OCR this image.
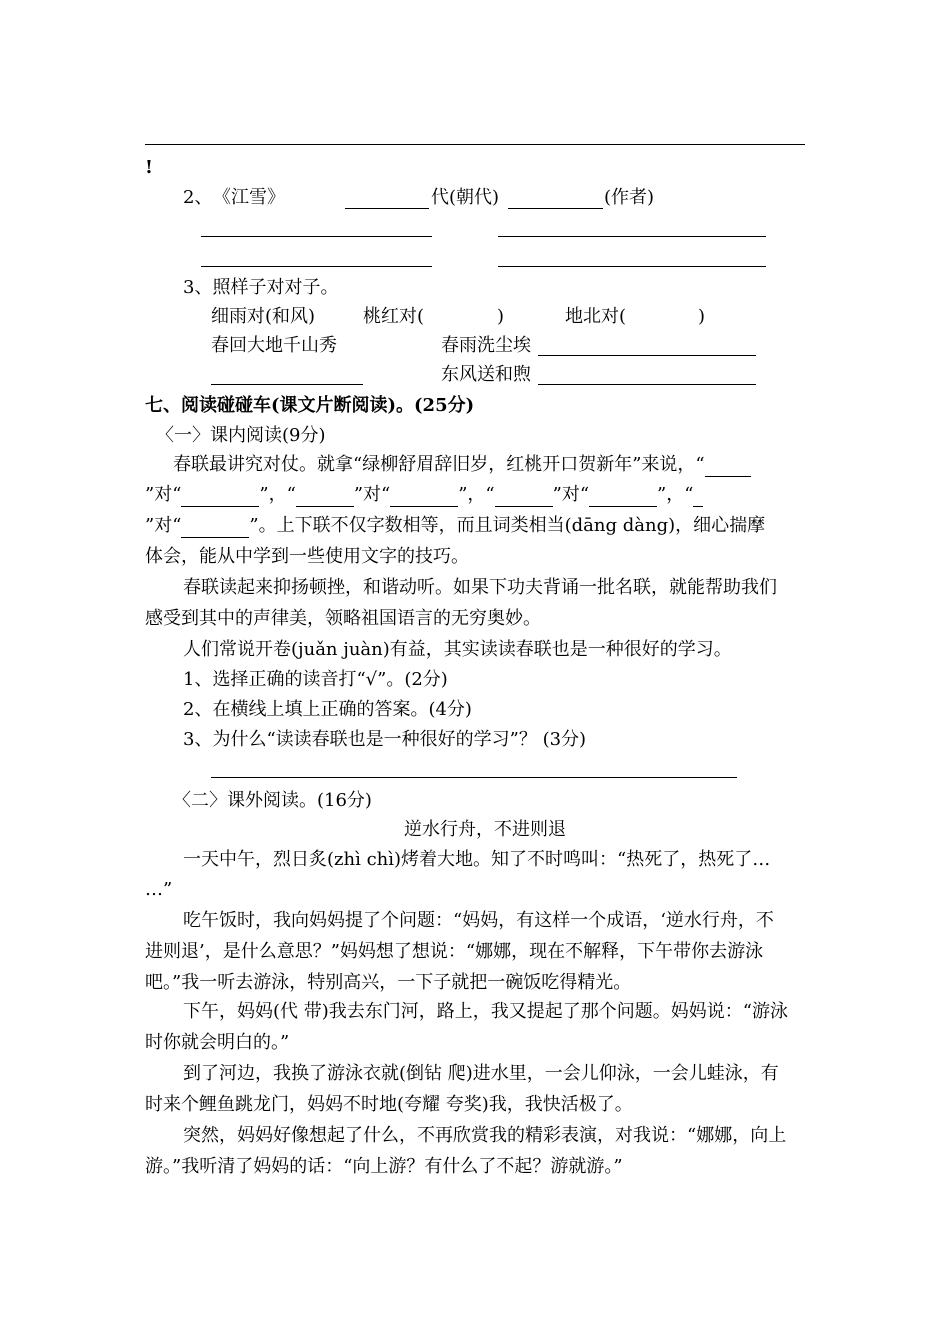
!
2、 《江雪》	代(朝代)	(作者)
3、照样子对对子。
细雨对(和风)	桃红对(	)	地北对(	)
春回大地千山秀	春雨洗尘埃
东风送和煦
七、阅读碰碰车(课文片断阅读)。(25分)
〈一〉课内阅读(9分)
春联最讲究对仗。就拿“绿柳舒眉辞旧岁，红桃开口贺新年”来说，“
”对“	”，“	”对“	”，“	”对“	”，“
”对“	”。上下联不仅字数相等，而且词类相当(dāng dàng)，细心揣摩
体会，能从中学到一些使用文字的技巧。
春联读起来抑扬顿挫，和谐动听。如果下功夫背诵一批名联，就能帮助我们
感受到其中的声律美，领略祖国语言的无穷奥妙。
人们常说开卷(juǎn juàn)有益，其实读读春联也是一种很好的学习。
1、选择正确的读音打“√”。(2分)
2、在横线上填上正确的答案。(4分)
3、为什么“读读春联也是一种很好的学习”？ (3分)
〈二〉课外阅读。(16分)
逆水行舟，不进则退
一天中午，烈日炙(zhì chì)烤着大地。知了不时鸣叫：“热死了，热死了…
…”
吃午饭时，我向妈妈提了个问题：“妈妈，有这样一个成语，‘逆水行舟，不
进则退’，是什么意思？”妈妈想了想说：“娜娜，现在不解释，下午带你去游泳
吧。”我一听去游泳，特别高兴，一下子就把一碗饭吃得精光。
下午，妈妈(代 带)我去东门河，路上，我又提起了那个问题。妈妈说：“游泳
时你就会明白的。”
到了河边，我换了游泳衣就(倒钻 爬)进水里，一会儿仰泳，一会儿蛙泳，有
时来个鲤鱼跳龙门，妈妈不时地(夸耀 夸奖)我，我快活极了。
突然，妈妈好像想起了什么，不再欣赏我的精彩表演，对我说：“娜娜，向上
游。”我听清了妈妈的话：“向上游？有什么了不起？游就游。”
